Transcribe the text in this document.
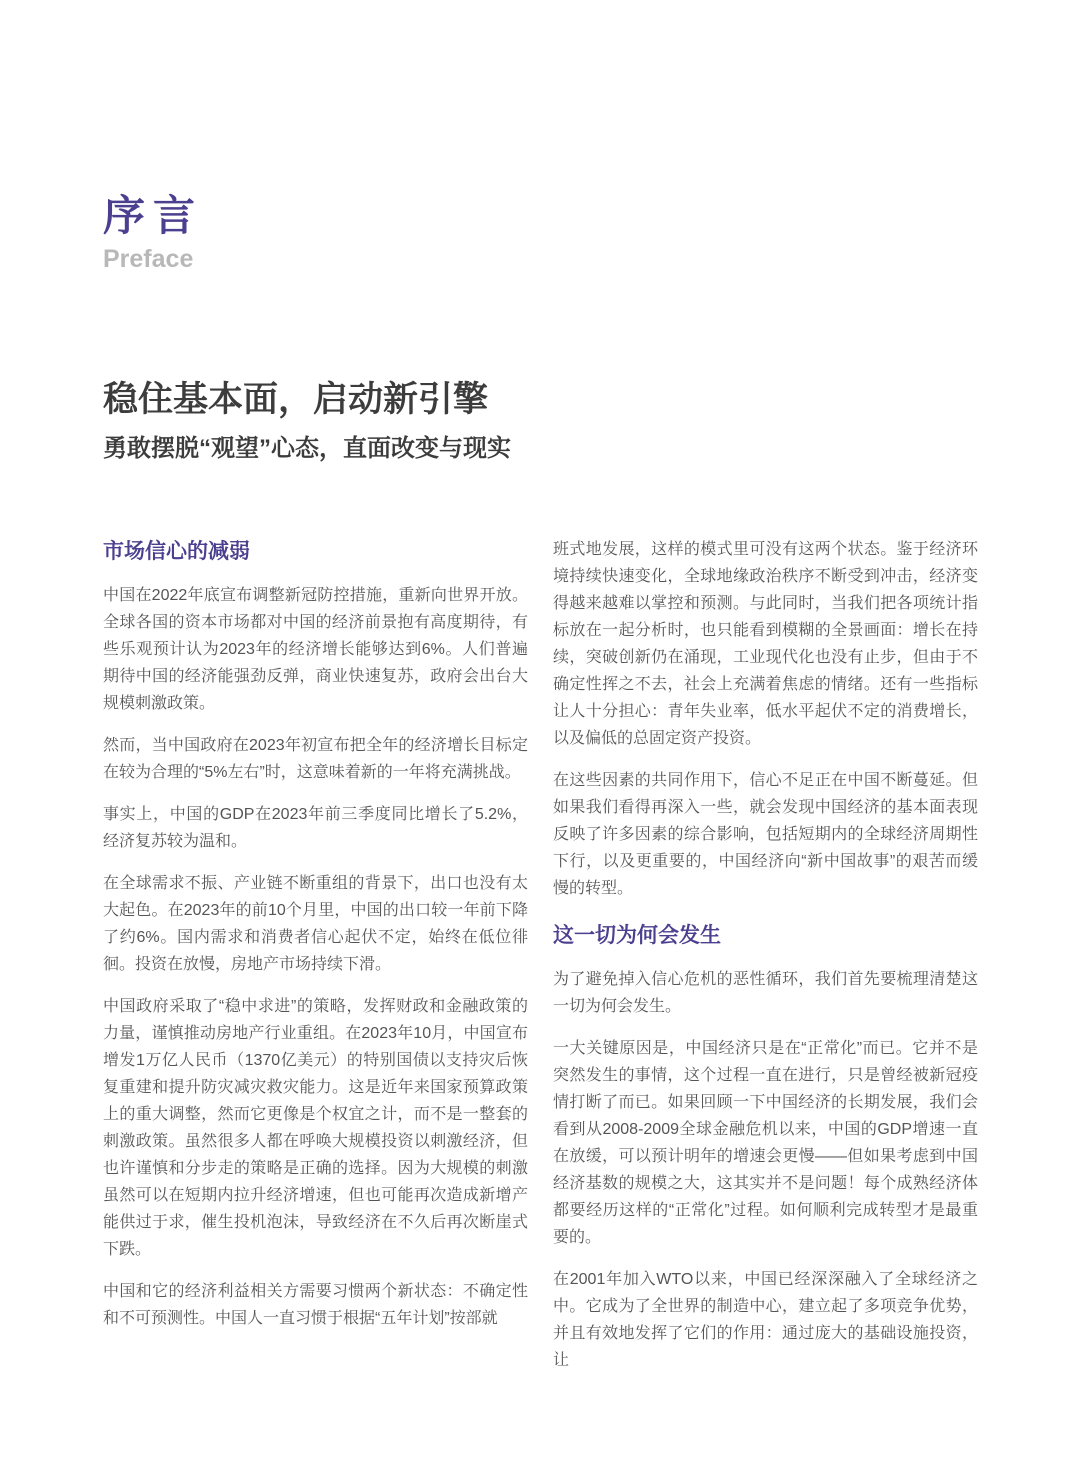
序言
Preface
稳住基本面，启动新引擎
勇敢摆脱“观望”心态，直面改变与现实
市场信心的减弱

中国在2022年底宣布调整新冠防控措施，重新向世界开放。全球各国的资本市场都对中国的经济前景抱有高度期待，有些乐观预计认为2023年的经济增长能够达到6%。人们普遍期待中国的经济能强劲反弹，商业快速复苏，政府会出台大规模刺激政策。

然而，当中国政府在2023年初宣布把全年的经济增长目标定在较为合理的“5%左右”时，这意味着新的一年将充满挑战。

事实上，中国的GDP在2023年前三季度同比增长了5.2%，经济复苏较为温和。

在全球需求不振、产业链不断重组的背景下，出口也没有太大起色。在2023年的前10个月里，中国的出口较一年前下降了约6%。国内需求和消费者信心起伏不定，始终在低位徘徊。投资在放慢，房地产市场持续下滑。

中国政府采取了“稳中求进”的策略，发挥财政和金融政策的力量，谨慎推动房地产行业重组。在2023年10月，中国宣布增发1万亿人民币（1370亿美元）的特别国债以支持灾后恢复重建和提升防灾减灾救灾能力。这是近年来国家预算政策上的重大调整，然而它更像是个权宜之计，而不是一整套的刺激政策。虽然很多人都在呼唤大规模投资以刺激经济，但也许谨慎和分步走的策略是正确的选择。因为大规模的刺激虽然可以在短期内拉升经济增速，但也可能再次造成新增产能供过于求，催生投机泡沫，导致经济在不久后再次断崖式下跌。

中国和它的经济利益相关方需要习惯两个新状态：不确定性和不可预测性。中国人一直习惯于根据“五年计划”按部就

班式地发展，这样的模式里可没有这两个状态。鉴于经济环境持续快速变化，全球地缘政治秩序不断受到冲击，经济变得越来越难以掌控和预测。与此同时，当我们把各项统计指标放在一起分析时，也只能看到模糊的全景画面：增长在持续，突破创新仍在涌现，工业现代化也没有止步，但由于不确定性挥之不去，社会上充满着焦虑的情绪。还有一些指标让人十分担心：青年失业率，低水平起伏不定的消费增长，以及偏低的总固定资产投资。

在这些因素的共同作用下，信心不足正在中国不断蔓延。但如果我们看得再深入一些，就会发现中国经济的基本面表现反映了许多因素的综合影响，包括短期内的全球经济周期性下行，以及更重要的，中国经济向“新中国故事”的艰苦而缓慢的转型。

这一切为何会发生

为了避免掉入信心危机的恶性循环，我们首先要梳理清楚这一切为何会发生。

一大关键原因是，中国经济只是在“正常化”而已。它并不是突然发生的事情，这个过程一直在进行，只是曾经被新冠疫情打断了而已。如果回顾一下中国经济的长期发展，我们会看到从2008-2009全球金融危机以来，中国的GDP增速一直在放缓，可以预计明年的增速会更慢——但如果考虑到中国经济基数的规模之大，这其实并不是问题！每个成熟经济体都要经历这样的“正常化”过程。如何顺利完成转型才是最重要的。

在2001年加入WTO以来，中国已经深深融入了全球经济之中。它成为了全世界的制造中心，建立起了多项竞争优势，并且有效地发挥了它们的作用：通过庞大的基础设施投资，让
